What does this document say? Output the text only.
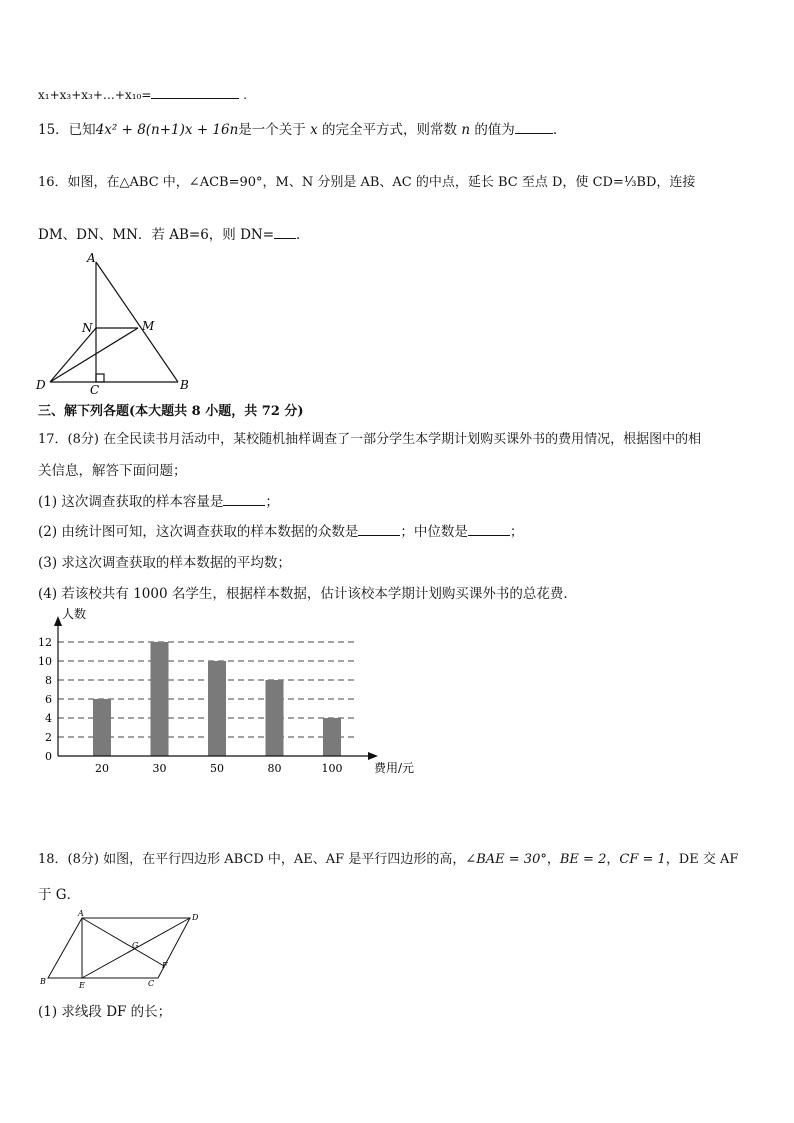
x₁+x₃+x₃+…+x₁₀=	.
15．已知4x² + 8(n+1)x + 16n是一个关于 x 的完全平方式，则常数 n 的值为	.
16．如图，在△ABC 中，∠ACB=90°，M、N 分别是 AB、AC 的中点，延长 BC 至点 D，使 CD=⅓BD，连接
DM、DN、MN．若 AB=6，则 DN= ．
A
N	M
D	C	B
三、解下列各题(本大题共 8 小题，共 72 分)
17．(8分) 在全民读书月活动中，某校随机抽样调查了一部分学生本学期计划购买课外书的费用情况，根据图中的相
关信息，解答下面问题；
(1) 这次调查获取的样本容量是	；
(2) 由统计图可知，这次调查获取的样本数据的众数是	；中位数是	；
(3) 求这次调查获取的样本数据的平均数；
(4) 若该校共有 1000 名学生，根据样本数据，估计该校本学期计划购买课外书的总花费．
0
2
4
6
8
10
12
20	30	50	80	100
人数
费用/元
18．(8分) 如图，在平行四边形 ABCD 中，AE、AF 是平行四边形的高，∠BAE = 30°，BE = 2，CF = 1，DE 交 AF
于 G．
A	D
B	E	C
F
G
(1) 求线段 DF 的长；
